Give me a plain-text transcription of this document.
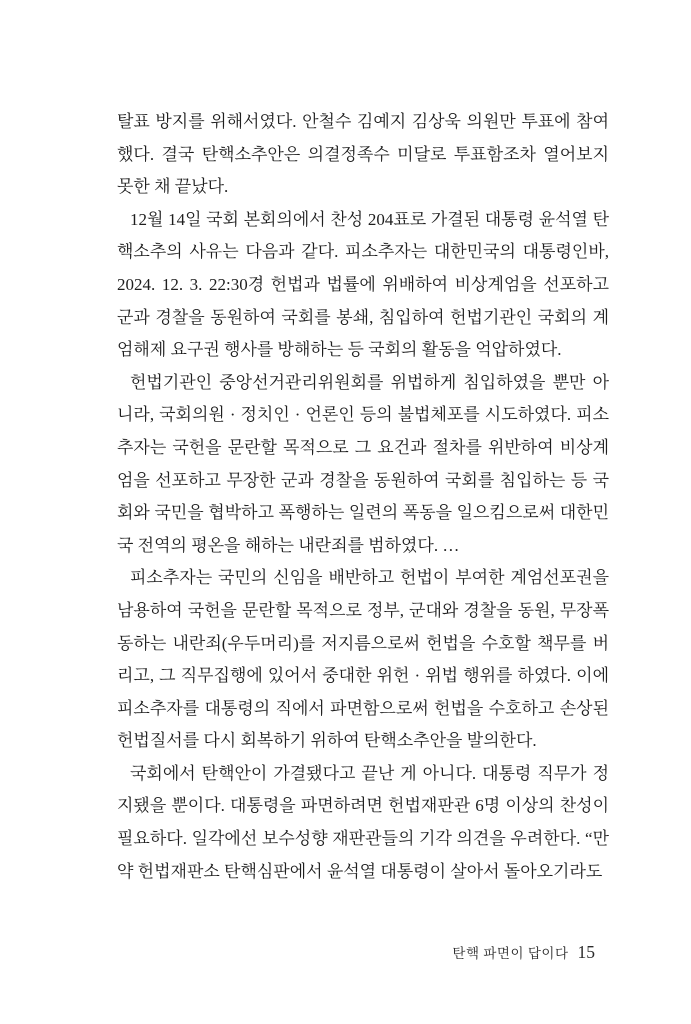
탈표 방지를 위해서였다. 안철수 김예지 김상욱 의원만 투표에 참여했다. 결국 탄핵소추안은 의결정족수 미달로 투표함조차 열어보지 못한 채 끝났다.

12월 14일 국회 본회의에서 찬성 204표로 가결된 대통령 윤석열 탄핵소추의 사유는 다음과 같다. 피소추자는 대한민국의 대통령인바, 2024. 12. 3. 22:30경 헌법과 법률에 위배하여 비상계엄을 선포하고 군과 경찰을 동원하여 국회를 봉쇄, 침입하여 헌법기관인 국회의 계엄해제 요구권 행사를 방해하는 등 국회의 활동을 억압하였다.

헌법기관인 중앙선거관리위원회를 위법하게 침입하였을 뿐만 아니라, 국회의원 · 정치인 · 언론인 등의 불법체포를 시도하였다. 피소추자는 국헌을 문란할 목적으로 그 요건과 절차를 위반하여 비상계엄을 선포하고 무장한 군과 경찰을 동원하여 국회를 침입하는 등 국회와 국민을 협박하고 폭행하는 일련의 폭동을 일으킴으로써 대한민국 전역의 평온을 해하는 내란죄를 범하였다. …

피소추자는 국민의 신임을 배반하고 헌법이 부여한 계엄선포권을 남용하여 국헌을 문란할 목적으로 정부, 군대와 경찰을 동원, 무장폭동하는 내란죄(우두머리)를 저지름으로써 헌법을 수호할 책무를 버리고, 그 직무집행에 있어서 중대한 위헌 · 위법 행위를 하였다. 이에 피소추자를 대통령의 직에서 파면함으로써 헌법을 수호하고 손상된 헌법질서를 다시 회복하기 위하여 탄핵소추안을 발의한다.

국회에서 탄핵안이 가결됐다고 끝난 게 아니다. 대통령 직무가 정지됐을 뿐이다. 대통령을 파면하려면 헌법재판관 6명 이상의 찬성이 필요하다. 일각에선 보수성향 재판관들의 기각 의견을 우려한다. “만약 헌법재판소 탄핵심판에서 윤석열 대통령이 살아서 돌아오기라도

탄핵 파면이 답이다 15
